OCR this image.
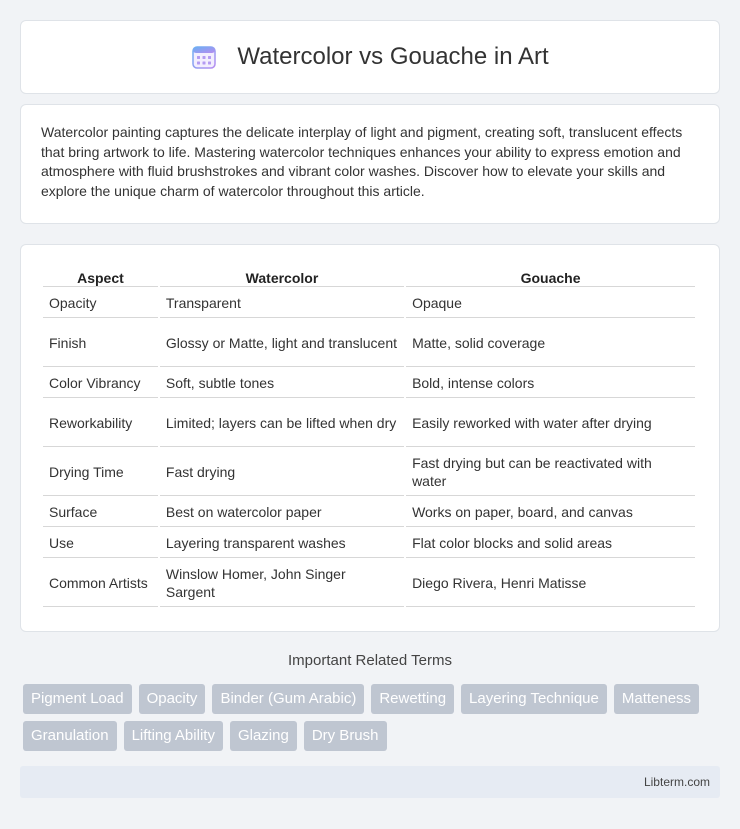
Watercolor vs Gouache in Art

Watercolor painting captures the delicate interplay of light and pigment, creating soft, translucent effects that bring artwork to life. Mastering watercolor techniques enhances your ability to express emotion and atmosphere with fluid brushstrokes and vibrant color washes. Discover how to elevate your skills and explore the unique charm of watercolor throughout this article.

Aspect	Watercolor	Gouache
Opacity	Transparent	Opaque
Finish	Glossy or Matte, light and translucent	Matte, solid coverage
Color Vibrancy	Soft, subtle tones	Bold, intense colors
Reworkability	Limited; layers can be lifted when dry	Easily reworked with water after drying
Drying Time	Fast drying	Fast drying but can be reactivated with water
Surface	Best on watercolor paper	Works on paper, board, and canvas
Use	Layering transparent washes	Flat color blocks and solid areas
Common Artists	Winslow Homer, John Singer Sargent	Diego Rivera, Henri Matisse
Important Related Terms
Pigment Load	Opacity	Binder (Gum Arabic)	Rewetting	Layering Technique	Matteness
Granulation	Lifting Ability	Glazing	Dry Brush
Libterm.com
